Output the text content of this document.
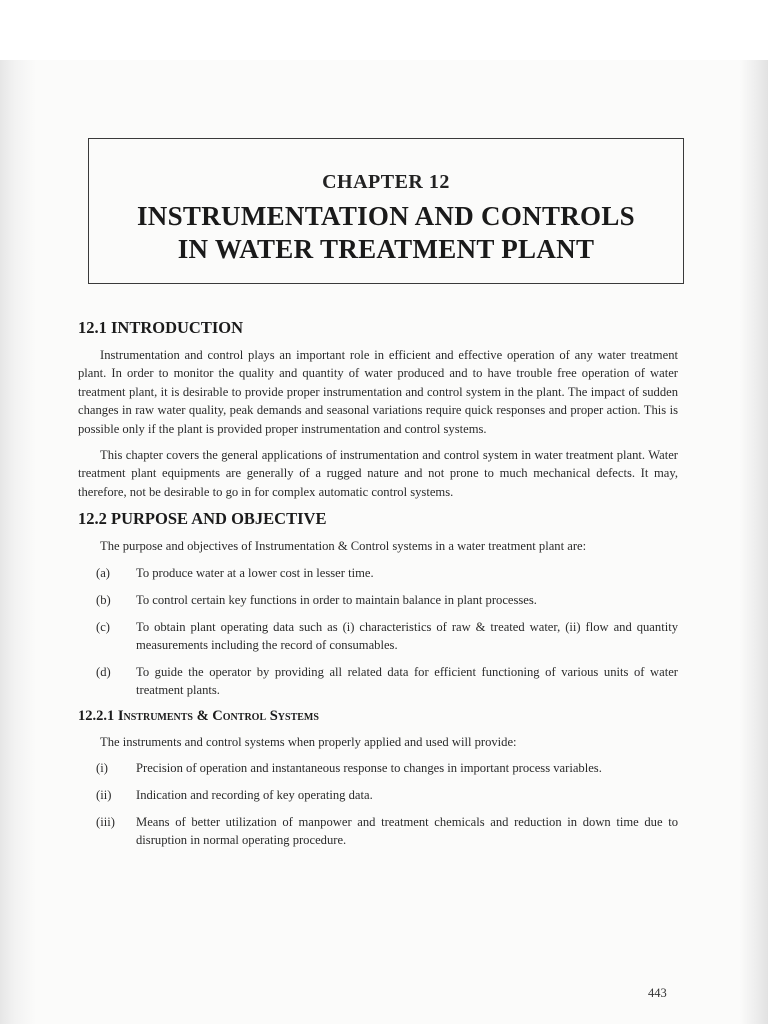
CHAPTER 12
INSTRUMENTATION AND CONTROLS
IN WATER TREATMENT PLANT
12.1 INTRODUCTION

Instrumentation and control plays an important role in efficient and effective operation of any water treatment plant. In order to monitor the quality and quantity of water produced and to have trouble free operation of water treatment plant, it is desirable to provide proper instrumentation and control system in the plant. The impact of sudden changes in raw water quality, peak demands and seasonal variations require quick responses and proper action. This is possible only if the plant is provided proper instrumentation and control systems.

This chapter covers the general applications of instrumentation and control system in water treatment plant. Water treatment plant equipments are generally of a rugged nature and not prone to much mechanical defects. It may, therefore, not be desirable to go in for complex automatic control systems.

12.2 PURPOSE AND OBJECTIVE

The purpose and objectives of Instrumentation & Control systems in a water treatment plant are:

(a)	To produce water at a lower cost in lesser time.
(b)	To control certain key functions in order to maintain balance in plant processes.
(c)	To obtain plant operating data such as (i) characteristics of raw & treated water, (ii) flow and quantity measurements including the record of consumables.
(d)	To guide the operator by providing all related data for efficient functioning of various units of water treatment plants.
12.2.1 Instruments & Control Systems

The instruments and control systems when properly applied and used will provide:

(i)	Precision of operation and instantaneous response to changes in important process variables.
(ii)	Indication and recording of key operating data.
(iii)	Means of better utilization of manpower and treatment chemicals and reduction in down time due to disruption in normal operating procedure.
443
